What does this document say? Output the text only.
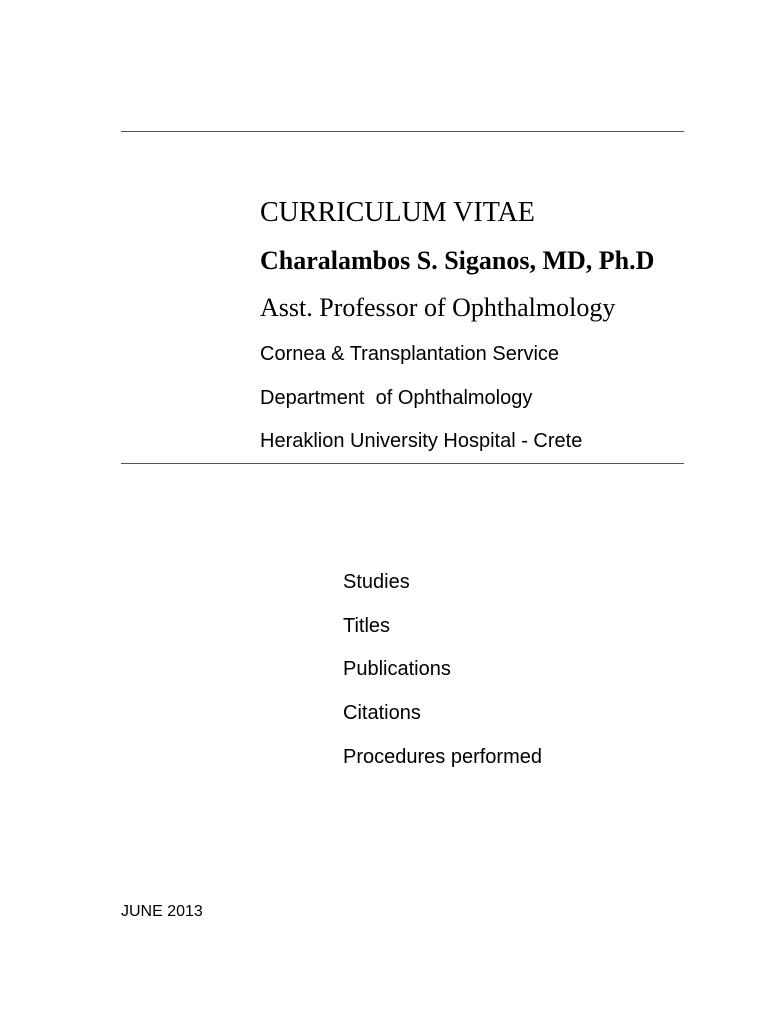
CURRICULUM VITAE
Charalambos S. Siganos, MD, Ph.D
Asst. Professor of Ophthalmology
Cornea & Transplantation Service
Department  of Ophthalmology
Heraklion University Hospital - Crete
Studies
Titles
Publications
Citations
Procedures performed
JUNE 2013
